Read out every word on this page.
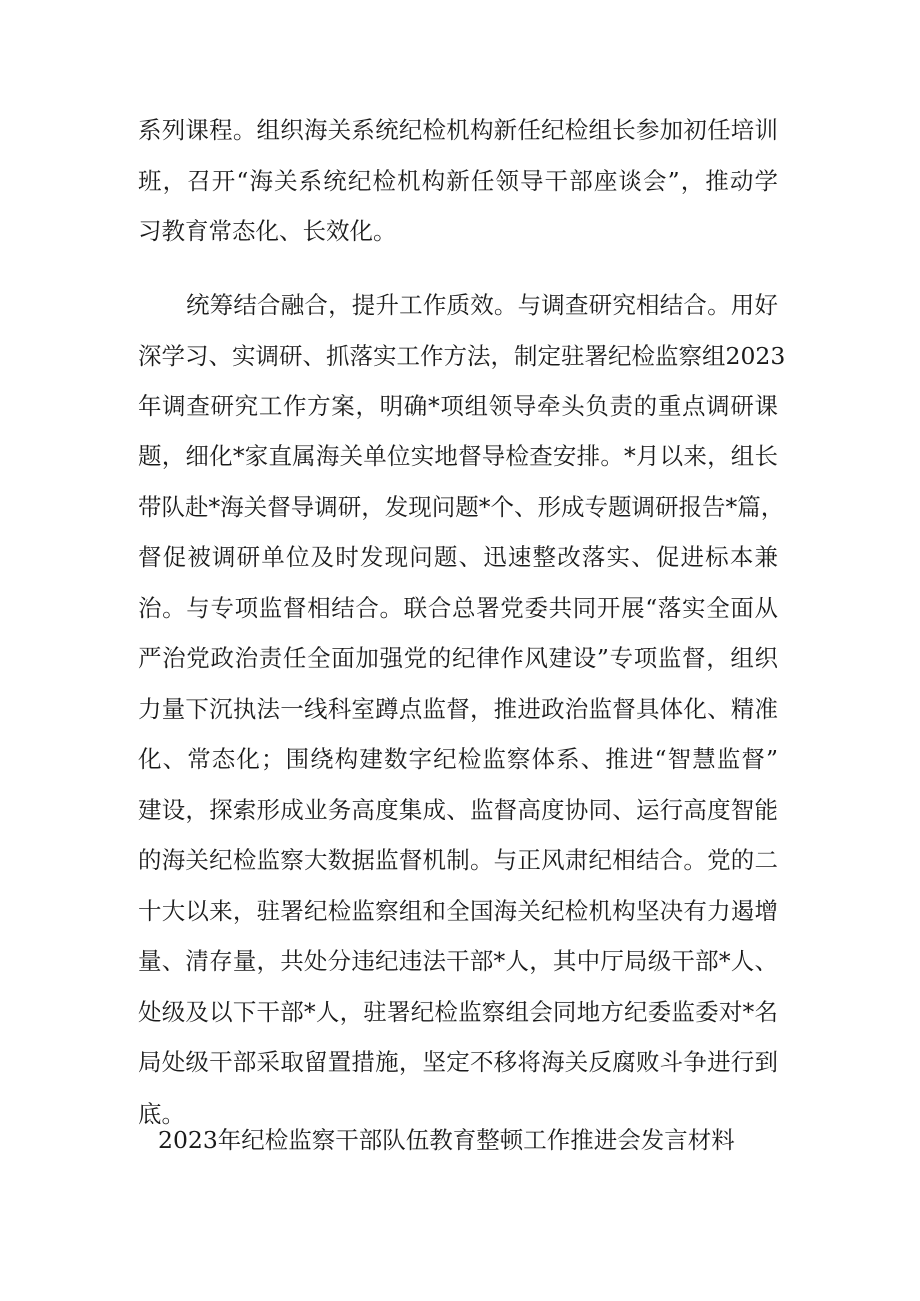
系列课程。组织海关系统纪检机构新任纪检组长参加初任培训
班，召开“海关系统纪检机构新任领导干部座谈会”，推动学
习教育常态化、长效化。
统筹结合融合，提升工作质效。与调查研究相结合。用好
深学习、实调研、抓落实工作方法，制定驻署纪检监察组2023
年调查研究工作方案，明确*项组领导牵头负责的重点调研课
题，细化*家直属海关单位实地督导检查安排。*月以来，组长
带队赴*海关督导调研，发现问题*个、形成专题调研报告*篇，
督促被调研单位及时发现问题、迅速整改落实、促进标本兼
治。与专项监督相结合。联合总署党委共同开展“落实全面从
严治党政治责任全面加强党的纪律作风建设”专项监督，组织
力量下沉执法一线科室蹲点监督，推进政治监督具体化、精准
化、常态化；围绕构建数字纪检监察体系、推进“智慧监督”
建设，探索形成业务高度集成、监督高度协同、运行高度智能
的海关纪检监察大数据监督机制。与正风肃纪相结合。党的二
十大以来，驻署纪检监察组和全国海关纪检机构坚决有力遏增
量、清存量，共处分违纪违法干部*人，其中厅局级干部*人、
处级及以下干部*人，驻署纪检监察组会同地方纪委监委对*名
局处级干部采取留置措施，坚定不移将海关反腐败斗争进行到
底。
2023年纪检监察干部队伍教育整顿工作推进会发言材料
